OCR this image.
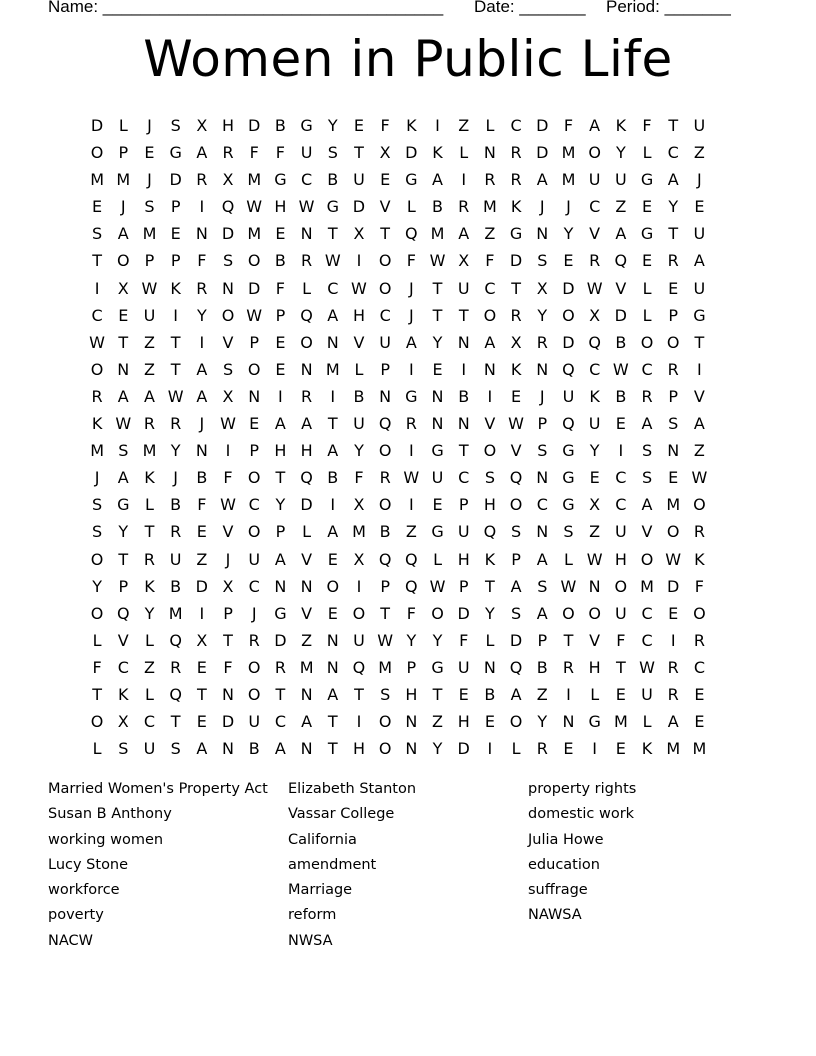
Name: ____________________________________ Date: _______ Period: _______
Women in Public Life
D L	J	S X H D B G Y	E	F	K	I	Z	L	C D F	A K	F	T U
O P	E G A R	F	F U S	T X D K	L N R D M O Y	L	C Z
M M	J	D R X M G C B U E G A	I	R R A M U U G A	J
E	J	S	P	I	Q W H W G D V	L	B R M K	J	J	C Z E	Y	E
S A M E N D M E N T X T Q M A Z G N Y V A G T U
T O P	P	F	S O B R W I	O F W X	F D S	E R Q E R A
I	X W K R N D F	L	C W O	J	T U C T X D W V	L	E U
C E U	I	Y O W P Q A H C	J	T	T O R Y O X D L	P G
W T Z T	I	V P	E O N V U A Y N A X R D Q B O O T
O N Z T A S O E N M L	P	I	E	I	N K N Q C W C R	I
R A A W A X N	I	R	I	B N G N B	I	E	J	U K B R P V
K W R R	J W E A A T U Q R N N V W P Q U E A S A
M S M Y N	I	P H H A Y O	I	G T O V S G Y	I	S N Z
J	A K	J	B	F O T Q B	F	R W U C S Q N G E C S	E W
S G L	B	F W C Y D	I	X O	I	E	P H O C G X C A M O
S	Y	T R E V O P	L	A M B Z G U Q S N S Z U V O R
O T R U Z	J	U A V E X Q Q L H K	P A	L W H O W K
Y	P	K B D X C N N O	I	P Q W P	T A S W N O M D F
O Q Y M	I	P	J	G V E O T	F O D Y	S A O O U C E O
L	V	L Q X T R D Z N U W Y	Y	F	L D P	T V	F	C	I	R
F	C Z R E	F O R M N Q M P G U N Q B R H T W R C
T	K	L Q T N O T N A T	S H T	E B A Z	I	L	E U R E
O X C T	E D U C A T	I	O N Z H E O Y N G M L	A E
L	S U S A N B A N T H O N Y D	I	L	R E	I	E K M M
Married Women's Property Act
Susan B Anthony
working women
Lucy Stone
workforce
poverty
NACW
Elizabeth Stanton
Vassar College
California
amendment
Marriage
reform
NWSA
property rights
domestic work
Julia Howe
education
suffrage
NAWSA
